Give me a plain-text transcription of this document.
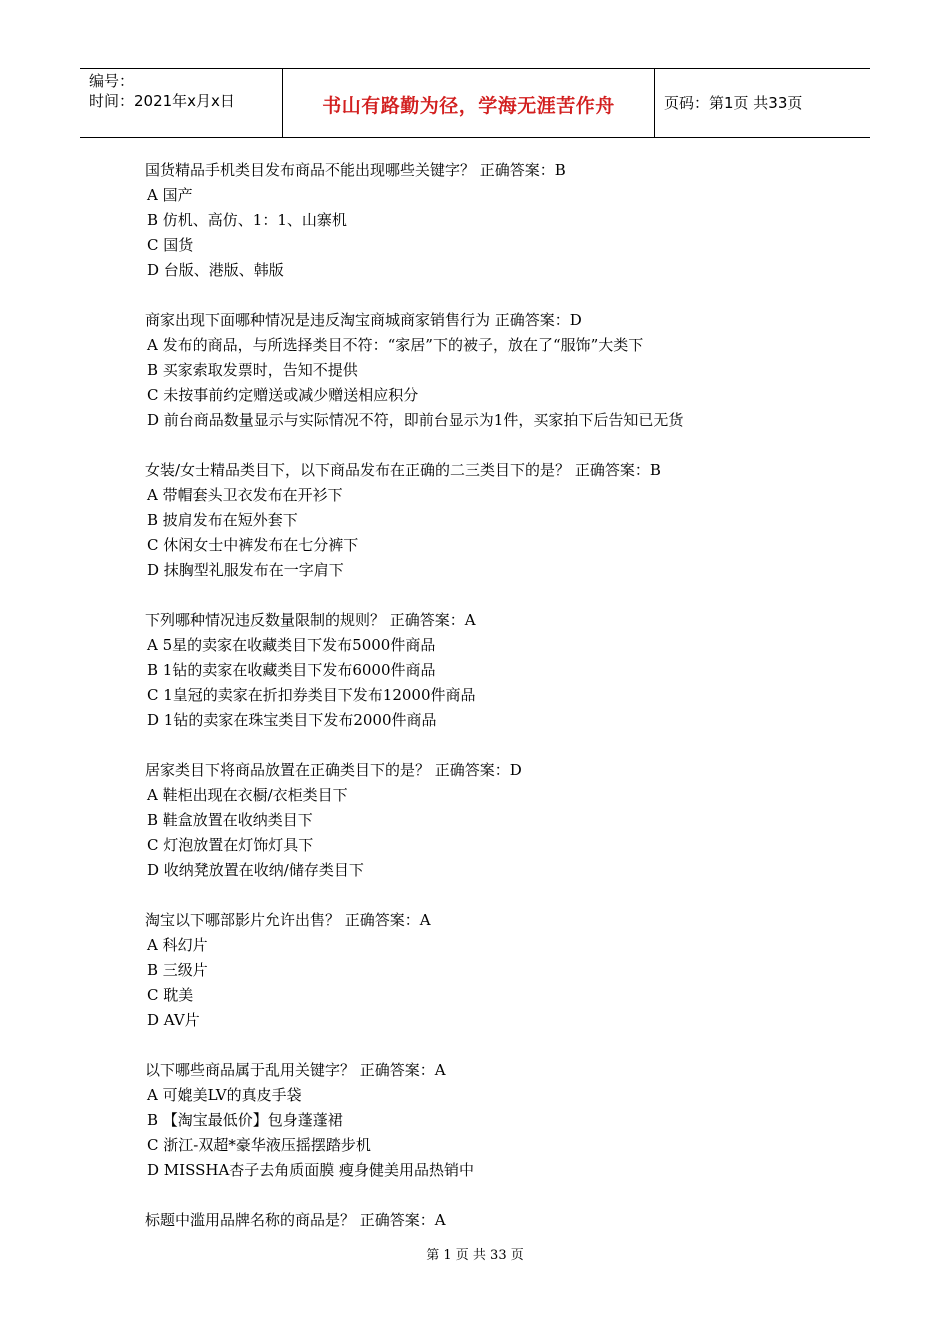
编号：
时间：2021年x月x日	书山有路勤为径，学海无涯苦作舟	页码：第1页 共33页
国货精品手机类目发布商品不能出现哪些关键字？ 正确答案：B
A 国产
B 仿机、高仿、1：1、山寨机
C 国货
D 台版、港版、韩版
商家出现下面哪种情况是违反淘宝商城商家销售行为 正确答案：D
A 发布的商品，与所选择类目不符：“家居”下的被子，放在了“服饰”大类下
B 买家索取发票时，告知不提供
C 未按事前约定赠送或减少赠送相应积分
D 前台商品数量显示与实际情况不符，即前台显示为1件，买家拍下后告知已无货
女装/女士精品类目下，以下商品发布在正确的二三类目下的是？ 正确答案：B
A 带帽套头卫衣发布在开衫下
B 披肩发布在短外套下
C 休闲女士中裤发布在七分裤下
D 抹胸型礼服发布在一字肩下
下列哪种情况违反数量限制的规则？ 正确答案：A
A 5星的卖家在收藏类目下发布5000件商品
B 1钻的卖家在收藏类目下发布6000件商品
C 1皇冠的卖家在折扣券类目下发布12000件商品
D 1钻的卖家在珠宝类目下发布2000件商品
居家类目下将商品放置在正确类目下的是？ 正确答案：D
A 鞋柜出现在衣橱/衣柜类目下
B 鞋盒放置在收纳类目下
C 灯泡放置在灯饰灯具下
D 收纳凳放置在收纳/储存类目下
淘宝以下哪部影片允许出售？ 正确答案：A
A 科幻片
B 三级片
C 耽美
D AV片
以下哪些商品属于乱用关键字？ 正确答案：A
A 可媲美LV的真皮手袋
B 【淘宝最低价】包身蓬蓬裙
C 浙江-双超*豪华液压摇摆踏步机
D MISSHA杏子去角质面膜 瘦身健美用品热销中
标题中滥用品牌名称的商品是？ 正确答案：A
第 1 页 共 33 页
